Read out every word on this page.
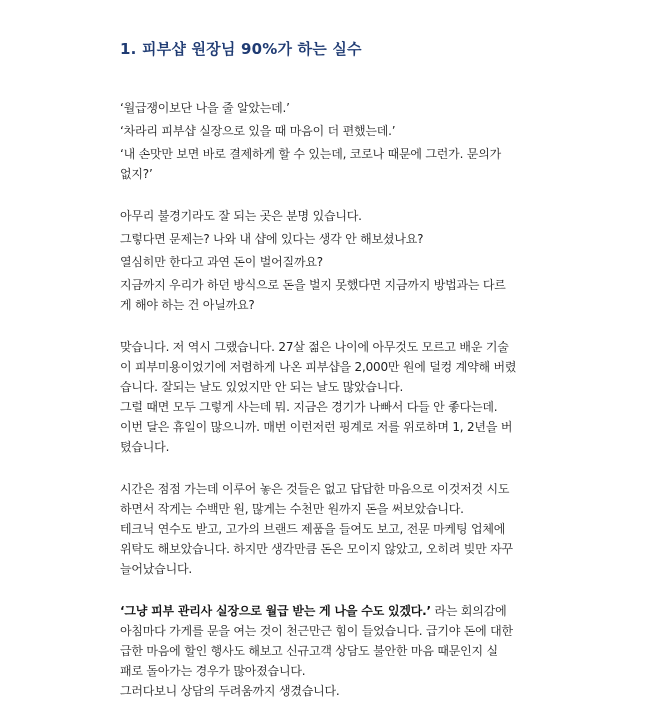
1. 피부샵 원장님 90%가 하는 실수
‘월급쟁이보단 나을 줄 알았는데.’
‘차라리 피부샵 실장으로 있을 때 마음이 더 편했는데.’
‘내 손맛만 보면 바로 결제하게 할 수 있는데, 코로나 때문에 그런가. 문의가
없지?’
아무리 불경기라도 잘 되는 곳은 분명 있습니다.
그렇다면 문제는? 나와 내 샵에 있다는 생각 안 해보셨나요?
열심히만 한다고 과연 돈이 벌어질까요?
지금까지 우리가 하던 방식으로 돈을 벌지 못했다면 지금까지 방법과는 다르
게 해야 하는 건 아닐까요?
맞습니다. 저 역시 그랬습니다. 27살 젊은 나이에 아무것도 모르고 배운 기술
이 피부미용이었기에 저렴하게 나온 피부샵을 2,000만 원에 덜컹 계약해 버렸
습니다. 잘되는 날도 있었지만 안 되는 날도 많았습니다.
그럴 때면 모두 그렇게 사는데 뭐. 지금은 경기가 나빠서 다들 안 좋다는데.
이번 달은 휴일이 많으니까. 매번 이런저런 핑계로 저를 위로하며 1, 2년을 버
텼습니다.
시간은 점점 가는데 이루어 놓은 것들은 없고 답답한 마음으로 이것저것 시도
하면서 작게는 수백만 원, 많게는 수천만 원까지 돈을 써보았습니다.
테크닉 연수도 받고, 고가의 브랜드 제품을 들여도 보고, 전문 마케팅 업체에
위탁도 해보았습니다. 하지만 생각만큼 돈은 모이지 않았고, 오히려 빚만 자꾸
늘어났습니다.
‘그냥 피부 관리사 실장으로 월급 받는 게 나을 수도 있겠다.’ 라는 회의감에
아침마다 가게를 문을 여는 것이 천근만근 힘이 들었습니다. 급기야 돈에 대한
급한 마음에 할인 행사도 해보고 신규고객 상담도 불안한 마음 때문인지 실
패로 돌아가는 경우가 많아졌습니다.
그러다보니 상담의 두려움까지 생겼습니다.
